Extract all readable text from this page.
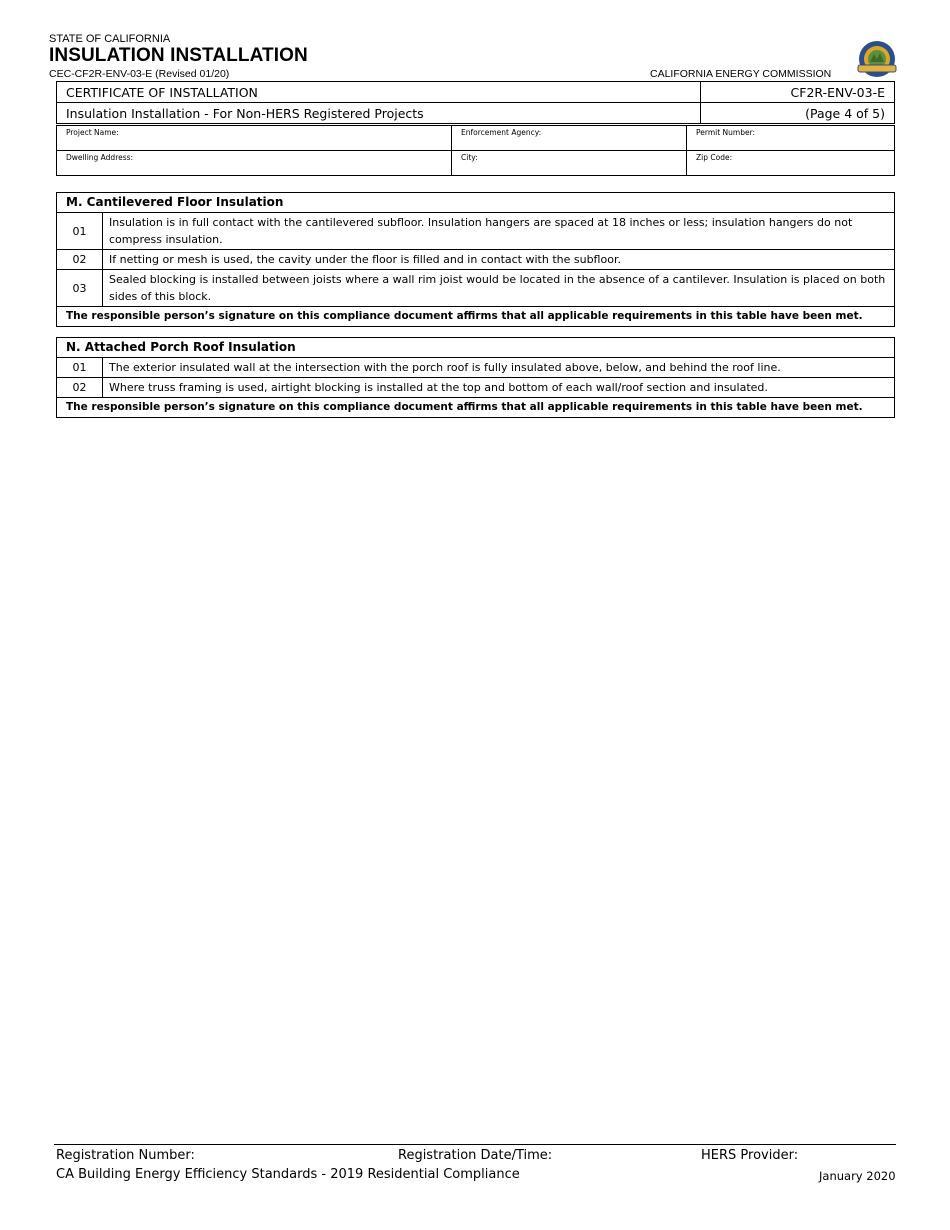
STATE OF CALIFORNIA
INSULATION INSTALLATION
CEC-CF2R-ENV-03-E (Revised 01/20)	CALIFORNIA ENERGY COMMISSION
CERTIFICATE OF INSTALLATION	CF2R-ENV-03-E
Insulation Installation - For Non-HERS Registered Projects	(Page 4 of 5)
Project Name:	Enforcement Agency:	Permit Number:
Dwelling Address:	City:	Zip Code:
M. Cantilevered Floor Insulation	
01	Insulation is in full contact with the cantilevered subfloor. Insulation hangers are spaced at 18 inches or less; insulation hangers do not compress insulation.
02	If netting or mesh is used, the cavity under the floor is filled and in contact with the subfloor.
03	Sealed blocking is installed between joists where a wall rim joist would be located in the absence of a cantilever. Insulation is placed on both sides of this block.
The responsible person’s signature on this compliance document affirms that all applicable requirements in this table have been met.	
N. Attached Porch Roof Insulation	
01	The exterior insulated wall at the intersection with the porch roof is fully insulated above, below, and behind the roof line.
02	Where truss framing is used, airtight blocking is installed at the top and bottom of each wall/roof section and insulated.
The responsible person’s signature on this compliance document affirms that all applicable requirements in this table have been met.	
Registration Number:	Registration Date/Time:	HERS Provider:
CA Building Energy Efficiency Standards - 2019 Residential Compliance	January 2020
